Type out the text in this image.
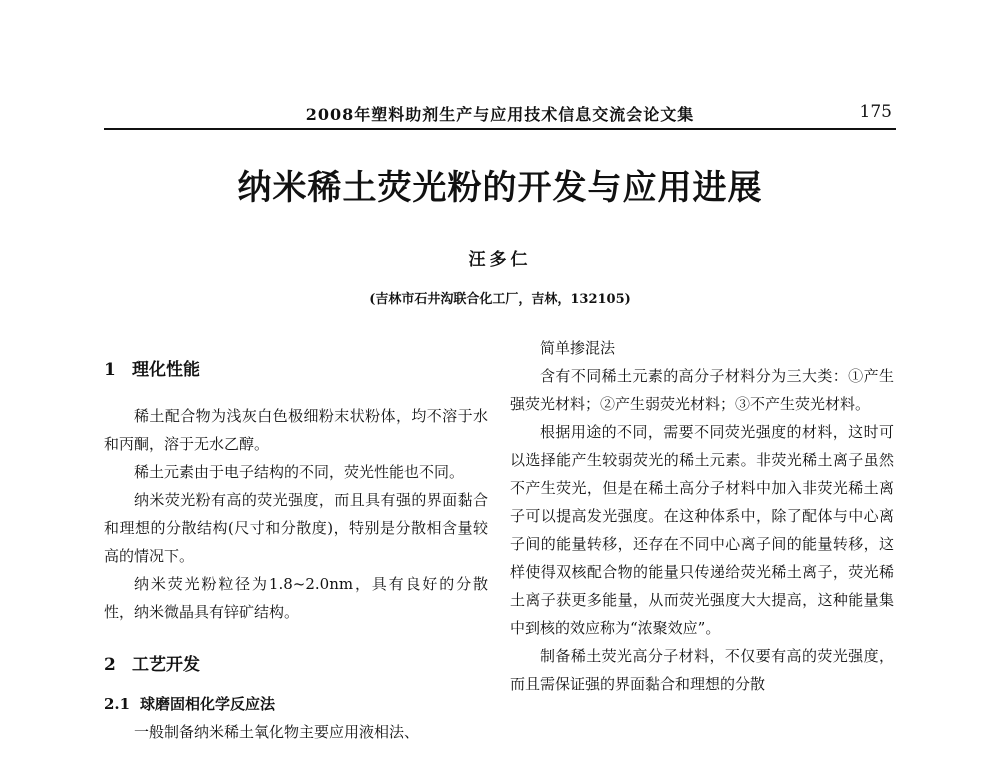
2008年塑料助剂生产与应用技术信息交流会论文集	175
纳米稀土荧光粉的开发与应用进展
汪多仁
(吉林市石井沟联合化工厂，吉林，132105)

1 理化性能

稀土配合物为浅灰白色极细粉末状粉体，均不溶于水和丙酮，溶于无水乙醇。

稀土元素由于电子结构的不同，荧光性能也不同。

纳米荧光粉有高的荧光强度，而且具有强的界面黏合和理想的分散结构(尺寸和分散度)，特别是分散相含量较高的情况下。

纳米荧光粉粒径为1.8~2.0nm，具有良好的分散性，纳米微晶具有锌矿结构。

2 工艺开发

2.1 球磨固相化学反应法

一般制备纳米稀土氧化物主要应用液相法、

简单掺混法

含有不同稀土元素的高分子材料分为三大类：①产生强荧光材料；②产生弱荧光材料；③不产生荧光材料。

根据用途的不同，需要不同荧光强度的材料，这时可以选择能产生较弱荧光的稀土元素。非荧光稀土离子虽然不产生荧光，但是在稀土高分子材料中加入非荧光稀土离子可以提高发光强度。在这种体系中，除了配体与中心离子间的能量转移，还存在不同中心离子间的能量转移，这样使得双核配合物的能量只传递给荧光稀土离子，荧光稀土离子获更多能量，从而荧光强度大大提高，这种能量集中到核的效应称为“浓聚效应”。

制备稀土荧光高分子材料，不仅要有高的荧光强度，而且需保证强的界面黏合和理想的分散
